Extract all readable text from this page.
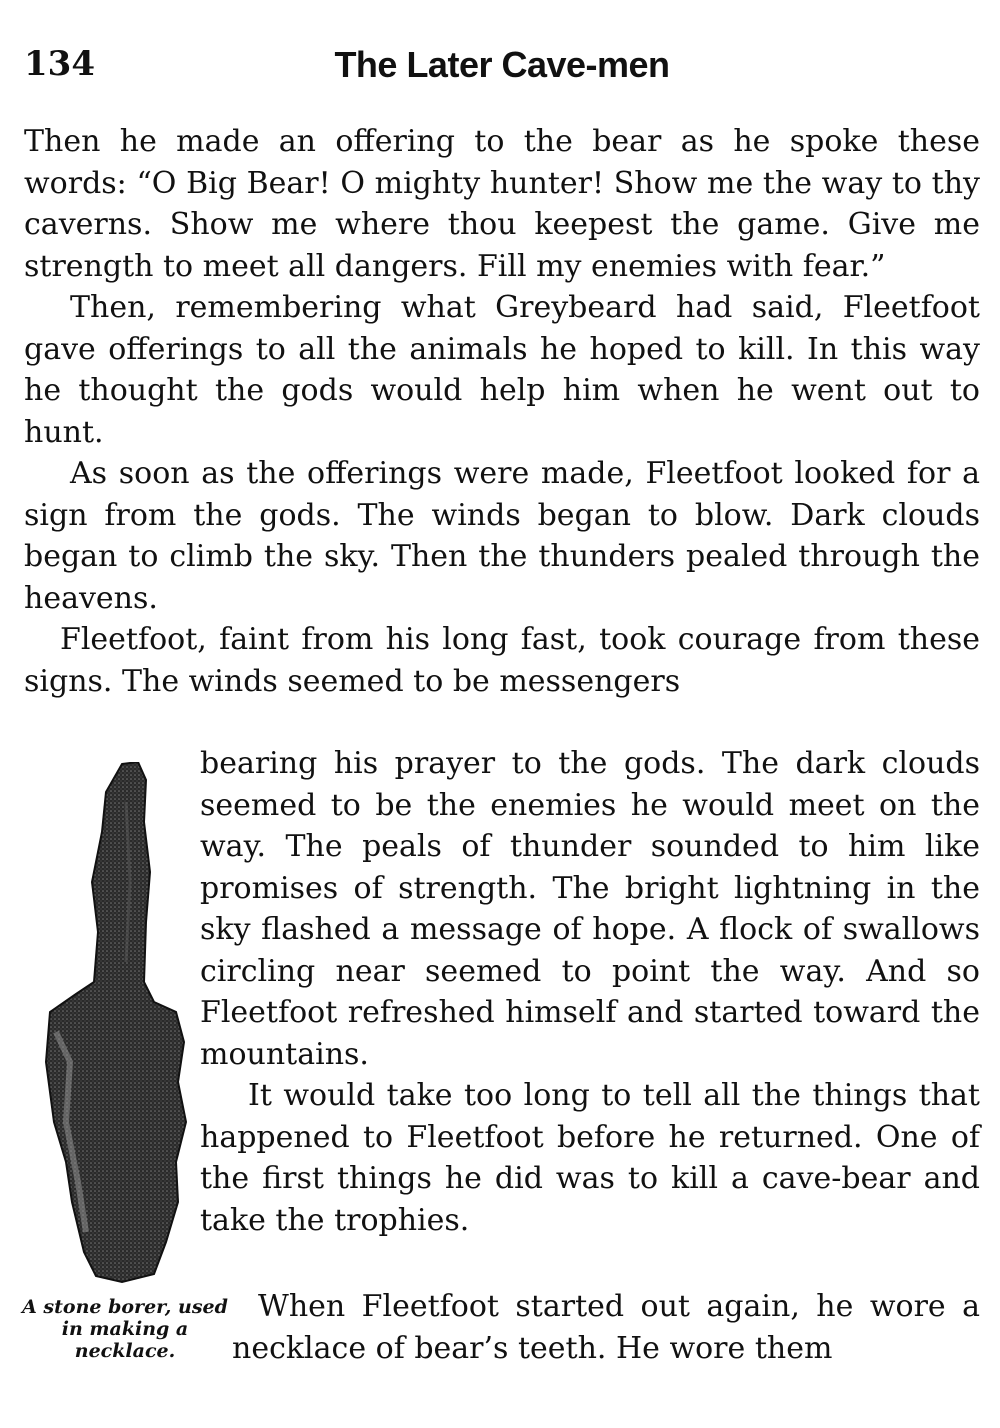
134	The Later Cave-men

Then he made an offering to the bear as he spoke these words: “O Big Bear! O mighty hunter! Show me the way to thy caverns. Show me where thou keepest the game. Give me strength to meet all dangers. Fill my enemies with fear.”

Then, remembering what Greybeard had said, Fleetfoot gave offerings to all the animals he hoped to kill. In this way he thought the gods would help him when he went out to hunt.

As soon as the offerings were made, Fleetfoot looked for a sign from the gods. The winds began to blow. Dark clouds began to climb the sky. Then the thunders pealed through the heavens.

Fleetfoot, faint from his long fast, took courage from these signs. The winds seemed to be messengers

bearing his prayer to the gods. The dark clouds seemed to be the enemies he would meet on the way. The peals of thunder sounded to him like promises of strength. The bright lightning in the sky flashed a message of hope. A flock of swallows circling near seemed to point the way. And so Fleetfoot refreshed himself and started toward the mountains.

It would take too long to tell all the things that happened to Fleetfoot before he returned. One of the first things he did was to kill a cave-bear and take the trophies.

A stone borer, used in making a necklace.

When Fleetfoot started out again, he wore a necklace of bear’s teeth. He wore them
